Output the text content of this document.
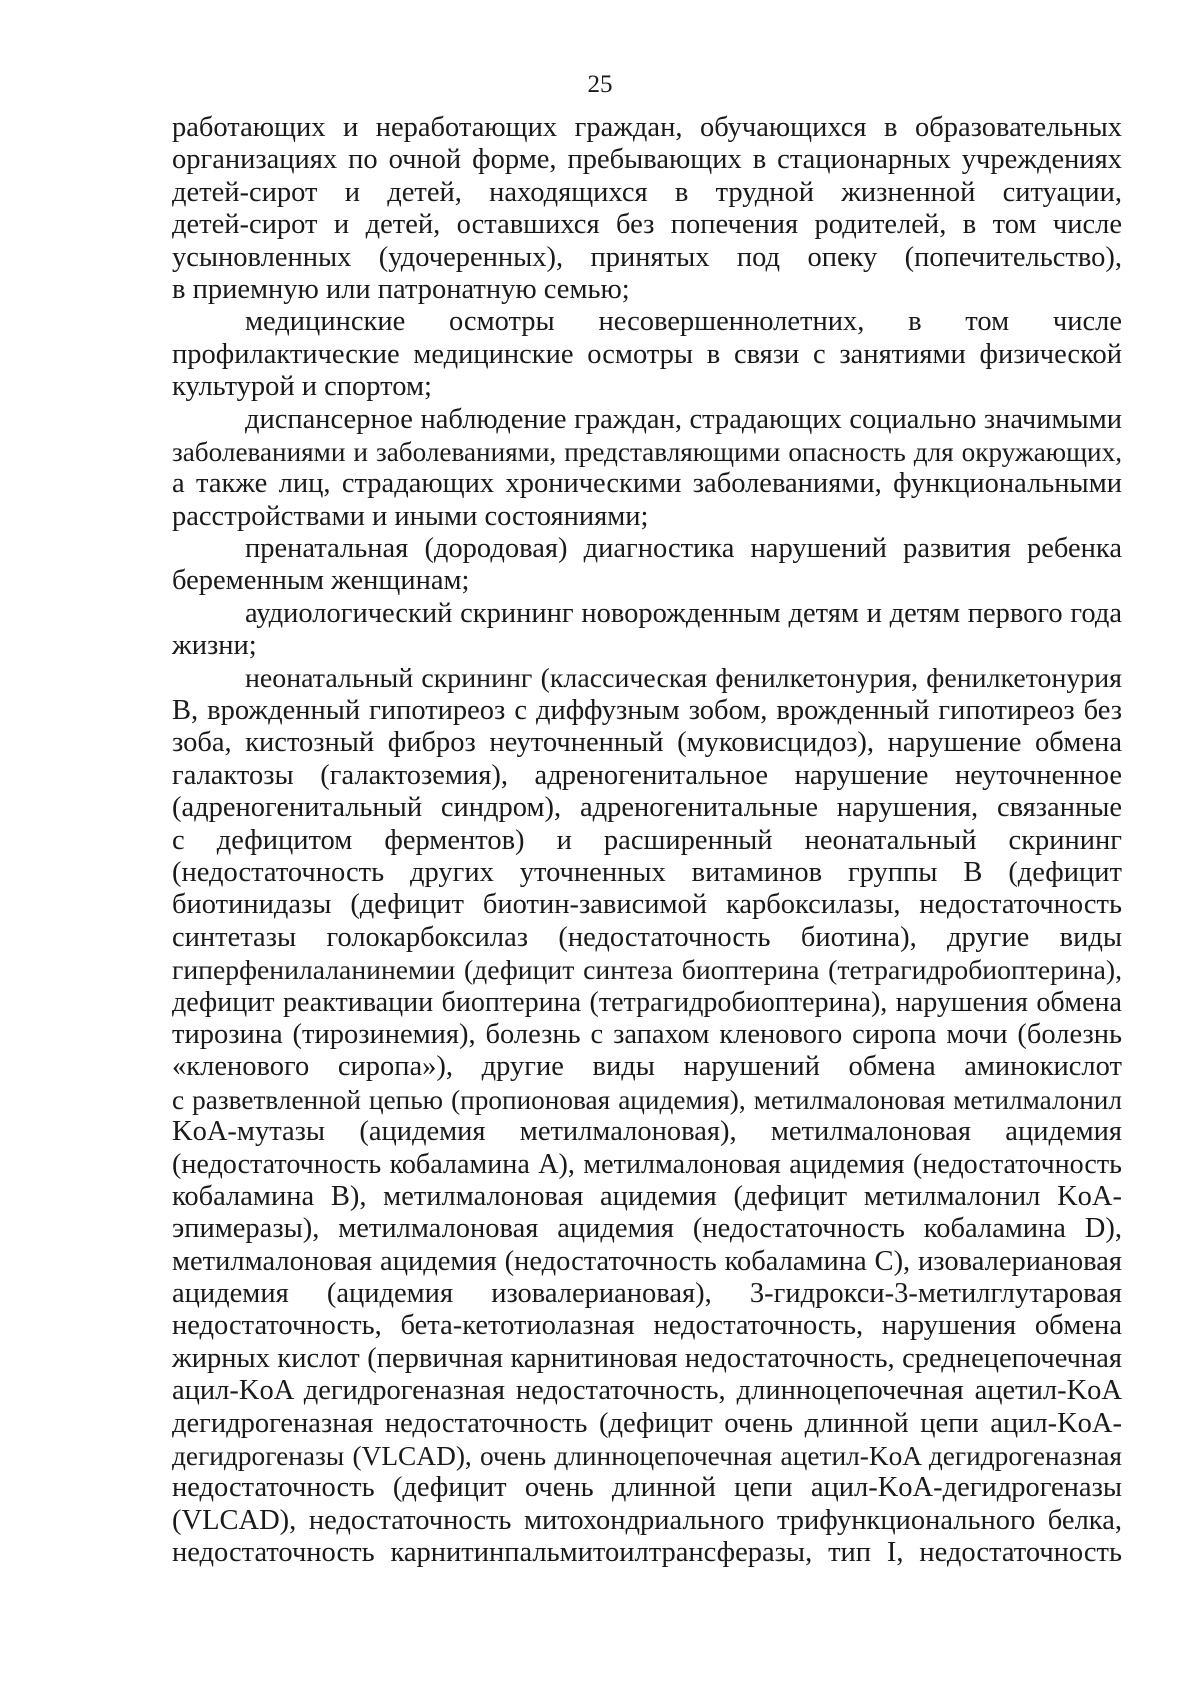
25
работающих и неработающих граждан, обучающихся в образовательных
организациях по очной форме, пребывающих в стационарных учреждениях
детей-сирот и детей, находящихся в трудной жизненной ситуации,
детей-сирот и детей, оставшихся без попечения родителей, в том числе
усыновленных (удочеренных), принятых под опеку (попечительство),
в приемную или патронатную семью;
медицинские осмотры несовершеннолетних, в том числе
профилактические медицинские осмотры в связи с занятиями физической
культурой и спортом;
диспансерное наблюдение граждан, страдающих социально значимыми
заболеваниями и заболеваниями, представляющими опасность для окружающих,
а также лиц, страдающих хроническими заболеваниями, функциональными
расстройствами и иными состояниями;
пренатальная (дородовая) диагностика нарушений развития ребенка
беременным женщинам;
аудиологический скрининг новорожденным детям и детям первого года
жизни;
неонатальный скрининг (классическая фенилкетонурия, фенилкетонурия
B, врожденный гипотиреоз с диффузным зобом, врожденный гипотиреоз без
зоба, кистозный фиброз неуточненный (муковисцидоз), нарушение обмена
галактозы (галактоземия), адреногенитальное нарушение неуточненное
(адреногенитальный синдром), адреногенитальные нарушения, связанные
с дефицитом ферментов) и расширенный неонатальный скрининг
(недостаточность других уточненных витаминов группы B (дефицит
биотинидазы (дефицит биотин-зависимой карбоксилазы, недостаточность
синтетазы голокарбоксилаз (недостаточность биотина), другие виды
гиперфенилаланинемии (дефицит синтеза биоптерина (тетрагидробиоптерина),
дефицит реактивации биоптерина (тетрагидробиоптерина), нарушения обмена
тирозина (тирозинемия), болезнь с запахом кленового сиропа мочи (болезнь
«кленового сиропа»), другие виды нарушений обмена аминокислот
с разветвленной цепью (пропионовая ацидемия), метилмалоновая метилмалонил
KoA-мутазы (ацидемия метилмалоновая), метилмалоновая ацидемия
(недостаточность кобаламина A), метилмалоновая ацидемия (недостаточность
кобаламина B), метилмалоновая ацидемия (дефицит метилмалонил KoA-
эпимеразы), метилмалоновая ацидемия (недостаточность кобаламина D),
метилмалоновая ацидемия (недостаточность кобаламина C), изовалериановая
ацидемия (ацидемия изовалериановая), 3-гидрокси-3-метилглутаровая
недостаточность, бета-кетотиолазная недостаточность, нарушения обмена
жирных кислот (первичная карнитиновая недостаточность, среднецепочечная
ацил-KoA дегидрогеназная недостаточность, длинноцепочечная ацетил-KoA
дегидрогеназная недостаточность (дефицит очень длинной цепи ацил-KoA-
дегидрогеназы (VLCAD), очень длинноцепочечная ацетил-KoA дегидрогеназная
недостаточность (дефицит очень длинной цепи ацил-KoA-дегидрогеназы
(VLCAD), недостаточность митохондриального трифункционального белка,
недостаточность карнитинпальмитоилтрансферазы, тип I, недостаточность
